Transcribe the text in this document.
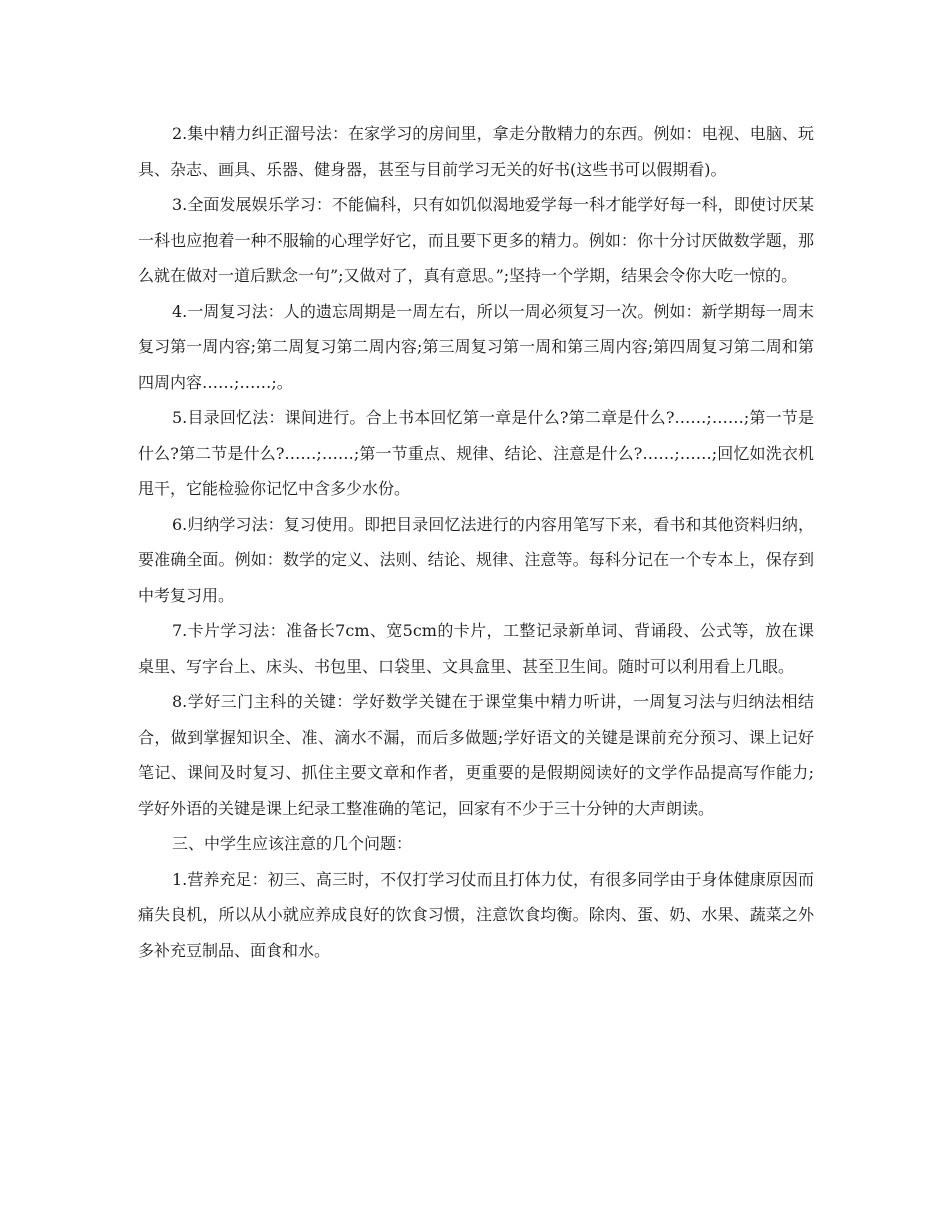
2.集中精力纠正溜号法：在家学习的房间里，拿走分散精力的东西。例如：电视、电脑、玩具、杂志、画具、乐器、健身器，甚至与目前学习无关的好书(这些书可以假期看)。

3.全面发展娱乐学习：不能偏科，只有如饥似渴地爱学每一科才能学好每一科，即使讨厌某一科也应抱着一种不服输的心理学好它，而且要下更多的精力。例如：你十分讨厌做数学题，那么就在做对一道后默念一句”;又做对了，真有意思。”;坚持一个学期，结果会令你大吃一惊的。

4.一周复习法：人的遗忘周期是一周左右，所以一周必须复习一次。例如：新学期每一周末复习第一周内容;第二周复习第二周内容;第三周复习第一周和第三周内容;第四周复习第二周和第四周内容……;……;。

5.目录回忆法：课间进行。合上书本回忆第一章是什么?第二章是什么?……;……;第一节是什么?第二节是什么?……;……;第一节重点、规律、结论、注意是什么?……;……;回忆如洗衣机甩干，它能检验你记忆中含多少水份。

6.归纳学习法：复习使用。即把目录回忆法进行的内容用笔写下来，看书和其他资料归纳，要准确全面。例如：数学的定义、法则、结论、规律、注意等。每科分记在一个专本上，保存到中考复习用。

7.卡片学习法：准备长7cm、宽5cm的卡片，工整记录新单词、背诵段、公式等，放在课桌里、写字台上、床头、书包里、口袋里、文具盒里、甚至卫生间。随时可以利用看上几眼。

8.学好三门主科的关键：学好数学关键在于课堂集中精力听讲，一周复习法与归纳法相结合，做到掌握知识全、准、滴水不漏，而后多做题;学好语文的关键是课前充分预习、课上记好笔记、课间及时复习、抓住主要文章和作者，更重要的是假期阅读好的文学作品提高写作能力;学好外语的关键是课上纪录工整准确的笔记，回家有不少于三十分钟的大声朗读。

三、中学生应该注意的几个问题：

1.营养充足：初三、高三时，不仅打学习仗而且打体力仗，有很多同学由于身体健康原因而痛失良机，所以从小就应养成良好的饮食习惯，注意饮食均衡。除肉、蛋、奶、水果、蔬菜之外多补充豆制品、面食和水。
